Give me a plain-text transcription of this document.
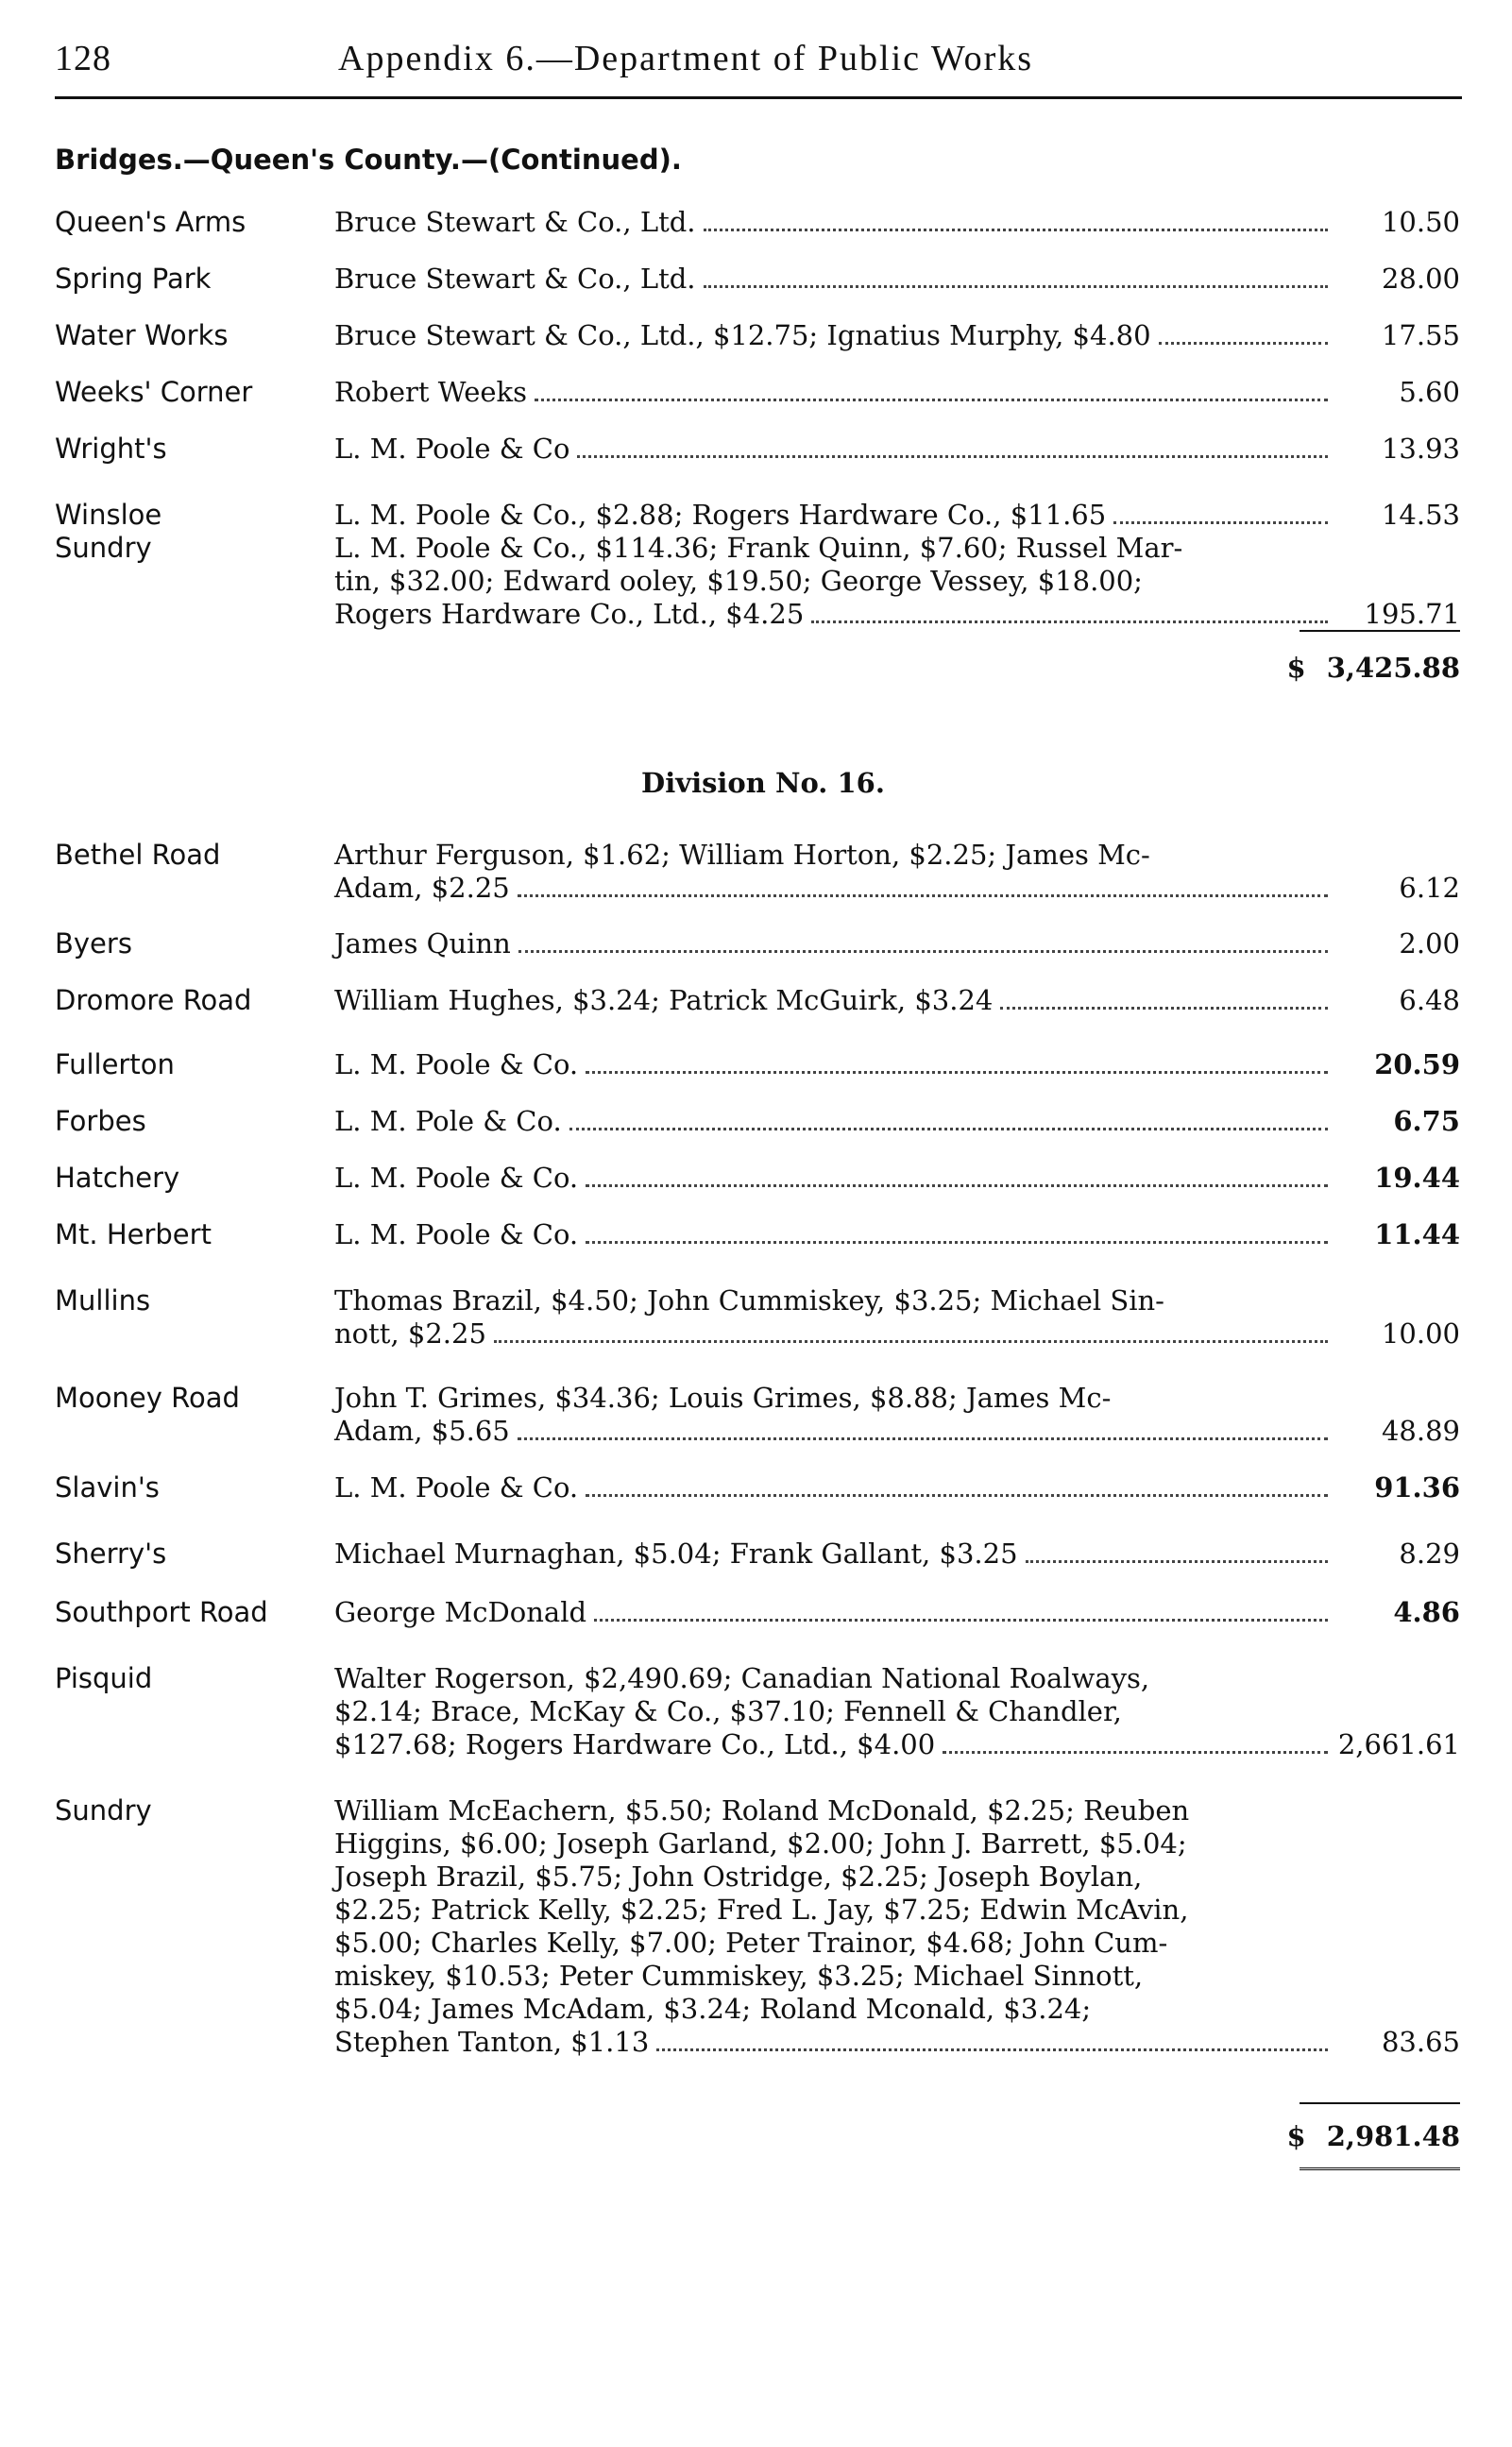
128	Appendix 6.—Department of Public Works
Bridges.—Queen's County.—(Continued).
Queen's Arms	Bruce Stewart & Co., Ltd.	10.50
Spring Park	Bruce Stewart & Co., Ltd.	28.00
Water Works	Bruce Stewart & Co., Ltd., $12.75; Ignatius Murphy, $4.80	17.55
Weeks' Corner	Robert Weeks	5.60
Wright's	L. M. Poole & Co	13.93
Winsloe	L. M. Poole & Co., $2.88; Rogers Hardware Co., $11.65	14.53
Sundry	L. M. Poole & Co., $114.36; Frank Quinn, $7.60; Russel Mar-
tin, $32.00; Edward ooley, $19.50; George Vessey, $18.00;
Rogers Hardware Co., Ltd., $4.25	195.71
$ 3,425.88
Division No. 16.
Bethel Road	Arthur Ferguson, $1.62; William Horton, $2.25; James Mc-
Adam, $2.25	6.12
Byers	James Quinn	2.00
Dromore Road	William Hughes, $3.24; Patrick McGuirk, $3.24	6.48
Fullerton	L. M. Poole & Co.	20.59
Forbes	L. M. Pole & Co.	6.75
Hatchery	L. M. Poole & Co.	19.44
Mt. Herbert	L. M. Poole & Co.	11.44
Mullins	Thomas Brazil, $4.50; John Cummiskey, $3.25; Michael Sin-
nott, $2.25	10.00
Mooney Road	John T. Grimes, $34.36; Louis Grimes, $8.88; James Mc-
Adam, $5.65	48.89
Slavin's	L. M. Poole & Co.	91.36
Sherry's	Michael Murnaghan, $5.04; Frank Gallant, $3.25	8.29
Southport Road	George McDonald	4.86
Pisquid	Walter Rogerson, $2,490.69; Canadian National Roalways,
$2.14; Brace, McKay & Co., $37.10; Fennell & Chandler,
$127.68; Rogers Hardware Co., Ltd., $4.00	2,661.61
Sundry	William McEachern, $5.50; Roland McDonald, $2.25; Reuben
Higgins, $6.00; Joseph Garland, $2.00; John J. Barrett, $5.04;
Joseph Brazil, $5.75; John Ostridge, $2.25; Joseph Boylan,
$2.25; Patrick Kelly, $2.25; Fred L. Jay, $7.25; Edwin McAvin,
$5.00; Charles Kelly, $7.00; Peter Trainor, $4.68; John Cum-
miskey, $10.53; Peter Cummiskey, $3.25; Michael Sinnott,
$5.04; James McAdam, $3.24; Roland Mconald, $3.24;
Stephen Tanton, $1.13	83.65
$ 2,981.48
